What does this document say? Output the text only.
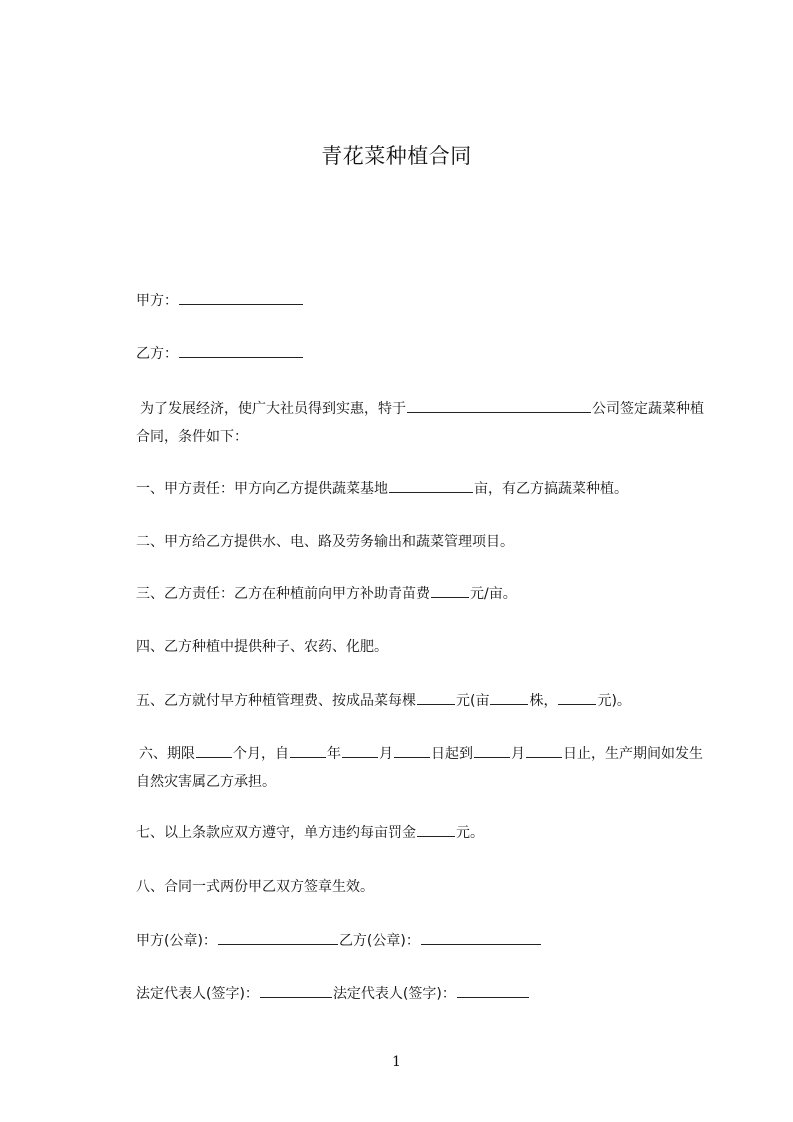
青花菜种植合同
甲方：
乙方：
为了发展经济，使广大社员得到实惠，特于	公司签定蔬菜种植合同，条件如下：
一、甲方责任：甲方向乙方提供蔬菜基地	亩，有乙方搞蔬菜种植。
二、甲方给乙方提供水、电、路及劳务输出和蔬菜管理项目。
三、乙方责任：乙方在种植前向甲方补助青苗费	元/亩。
四、乙方种植中提供种子、农药、化肥。
五、乙方就付早方种植管理费、按成品菜每棵	元(亩	株，	元)。
六、期限	个月，自	年	月	日起到	月	日止，生产期间如发生自然灾害属乙方承担。
七、以上条款应双方遵守，单方违约每亩罚金	元。
八、合同一式两份甲乙双方签章生效。
甲方(公章)：	乙方(公章)：
法定代表人(签字)：	法定代表人(签字)：
1
